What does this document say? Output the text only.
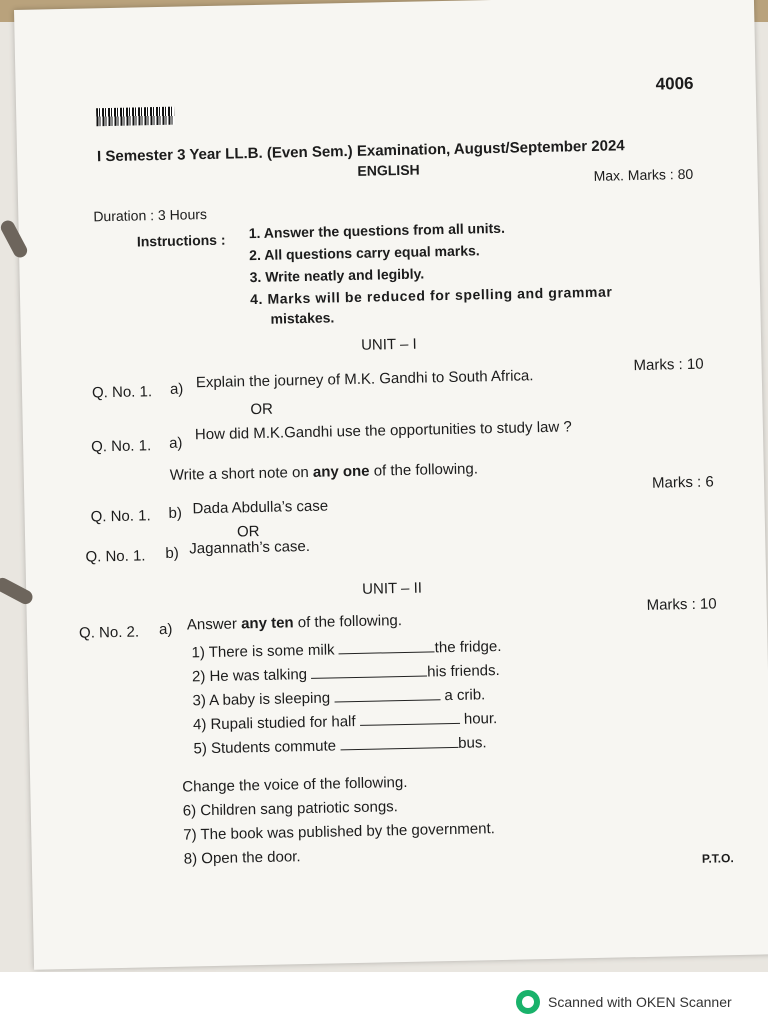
4006
I Semester 3 Year LL.B. (Even Sem.) Examination, August/September 2024
ENGLISH	Max. Marks : 80
Duration : 3 Hours
Instructions : 1. Answer the questions from all units.
2. All questions carry equal marks.
3. Write neatly and legibly.
4. Marks will be reduced for spelling and grammar
mistakes.
UNIT – I
Q. No. 1. a) Explain the journey of M.K. Gandhi to South Africa.
Marks : 10
OR
Q. No. 1. a) How did M.K.Gandhi use the opportunities to study law ?
Write a short note on any one of the following.
Marks : 6
Q. No. 1. b) Dada Abdulla’s case
OR
Q. No. 1. b) Jagannath’s case.
UNIT – II
Q. No. 2. a) Answer any ten of the following.
Marks : 10
1) There is some milk	the fridge.
2) He was talking	his friends.
3) A baby is sleeping	a crib.
4) Rupali studied for half	hour.
5) Students commute	bus.
Change the voice of the following.
6) Children sang patriotic songs.
7) The book was published by the government.
8) Open the door.	P.T.O.
Scanned with OKEN Scanner
